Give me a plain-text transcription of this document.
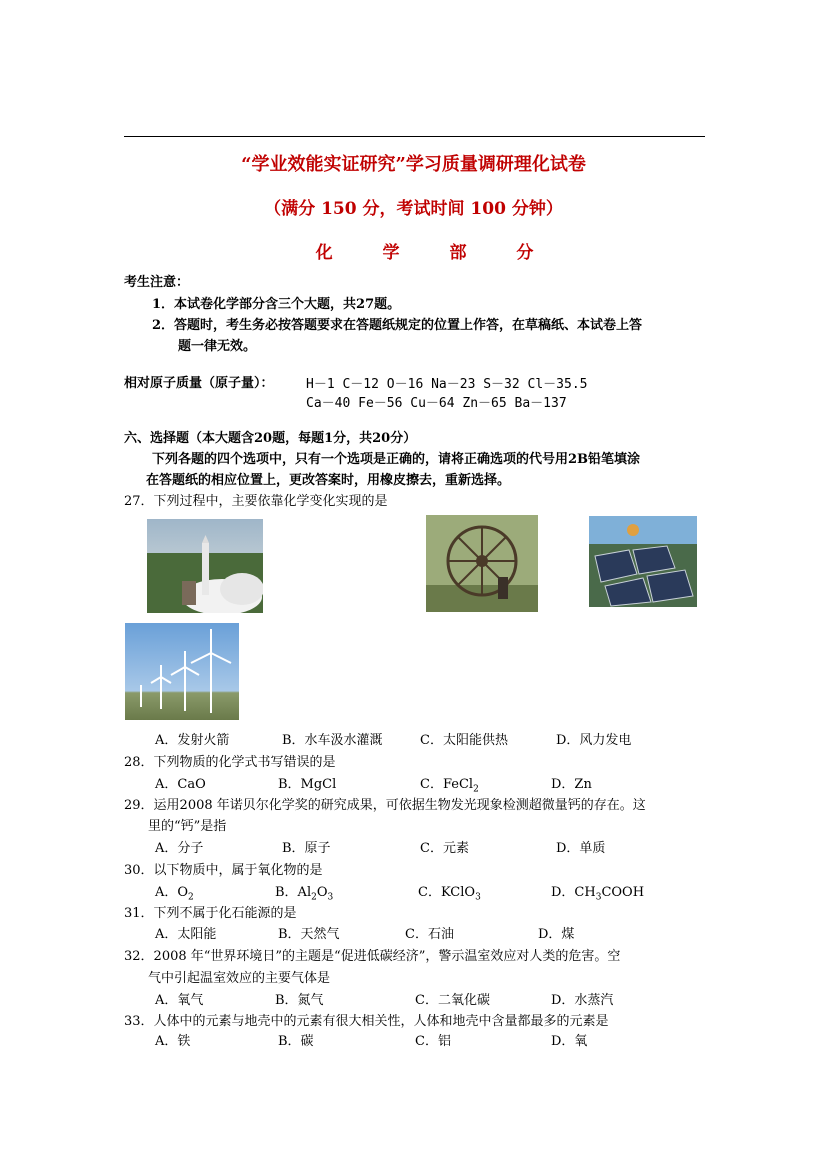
“学业效能实证研究”学习质量调研理化试卷
（满分 150 分，考试时间 100 分钟）
化 学 部 分
考生注意：
1．本试卷化学部分含三个大题，共27题。
2．答题时，考生务必按答题要求在答题纸规定的位置上作答，在草稿纸、本试卷上答
题一律无效。
相对原子质量（原子量）： H－1 C－12 O－16 Na－23 S－32 Cl－35.5
Ca－40 Fe－56 Cu－64 Zn－65 Ba－137
六、选择题（本大题含20题，每题1分，共20分）
下列各题的四个选项中，只有一个选项是正确的，请将正确选项的代号用2B铅笔填涂
在答题纸的相应位置上，更改答案时，用橡皮擦去，重新选择。
27．下列过程中，主要依靠化学变化实现的是
A．发射火箭	B．水车汲水灌溉	C．太阳能供热	D．风力发电
28．下列物质的化学式书写错误的是
A．CaO	B．MgCl	C．FeCl$_2$	D．Zn
29．运用2008 年诺贝尔化学奖的研究成果，可依据生物发光现象检测超微量钙的存在。这
里的“钙”是指
A．分子	B．原子	C．元素	D．单质
30．以下物质中，属于氧化物的是
A．$O_2$	B．$Al_2O_3$	C．KClO$_3$	D．$CH_3COOH$
31．下列不属于化石能源的是
A．太阳能	B．天然气	C．石油	D．煤
32．2008 年“世界环境日”的主题是“促进低碳经济”，警示温室效应对人类的危害。空
气中引起温室效应的主要气体是
A．氧气	B．氮气	C．二氧化碳	D．水蒸汽
33．人体中的元素与地壳中的元素有很大相关性，人体和地壳中含量都最多的元素是
A．铁	B．碳	C．铝	D．氧
